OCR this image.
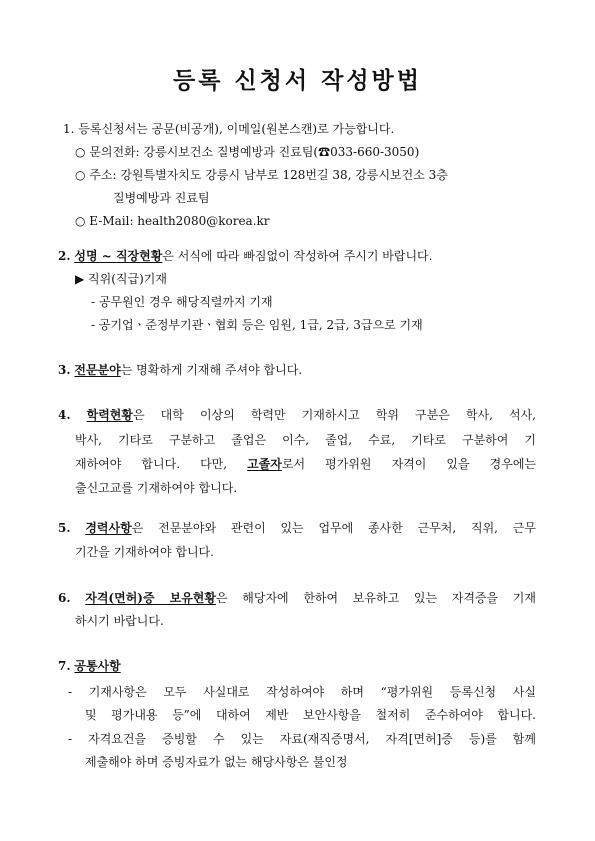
등록 신청서 작성방법
1. 등록신청서는 공문(비공개), 이메일(원본스캔)로 가능합니다.
○ 문의전화: 강릉시보건소 질병예방과 진료팀(☎033-660-3050)
○ 주소: 강원특별자치도 강릉시 남부로 128번길 38, 강릉시보건소 3층
질병예방과 진료팀
○ E-Mail: health2080@korea.kr
2. 성명 ~ 직장현황은 서식에 따라 빠짐없이 작성하여 주시기 바랍니다.
▶ 직위(직급)기재
- 공무원인 경우 해당직렬까지 기재
- 공기업ㆍ준정부기관ㆍ협회 등은 임원, 1급, 2급, 3급으로 기재
3. 전문분야는 명확하게 기재해 주셔야 합니다.
4. 학력현황은 대학 이상의 학력만 기재하시고 학위 구분은 학사, 석사,
박사, 기타로 구분하고 졸업은 이수, 졸업, 수료, 기타로 구분하여 기
재하여야 합니다. 다만, 고졸자로서 평가위원 자격이 있을 경우에는
출신고교를 기재하여야 합니다.
5. 경력사항은 전문분야와 관련이 있는 업무에 종사한 근무처, 직위, 근무
기간을 기재하여야 합니다.
6. 자격(면허)증 보유현황은 해당자에 한하여 보유하고 있는 자격증을 기재
하시기 바랍니다.
7. 공통사항
- 기재사항은 모두 사실대로 작성하여야 하며 “평가위원 등록신청 사실
및 평가내용 등”에 대하여 제반 보안사항을 철저히 준수하여야 합니다.
- 자격요건을 증빙할 수 있는 자료(재직증명서, 자격[면허]증 등)를 함께
제출해야 하며 증빙자료가 없는 해당사항은 불인정
